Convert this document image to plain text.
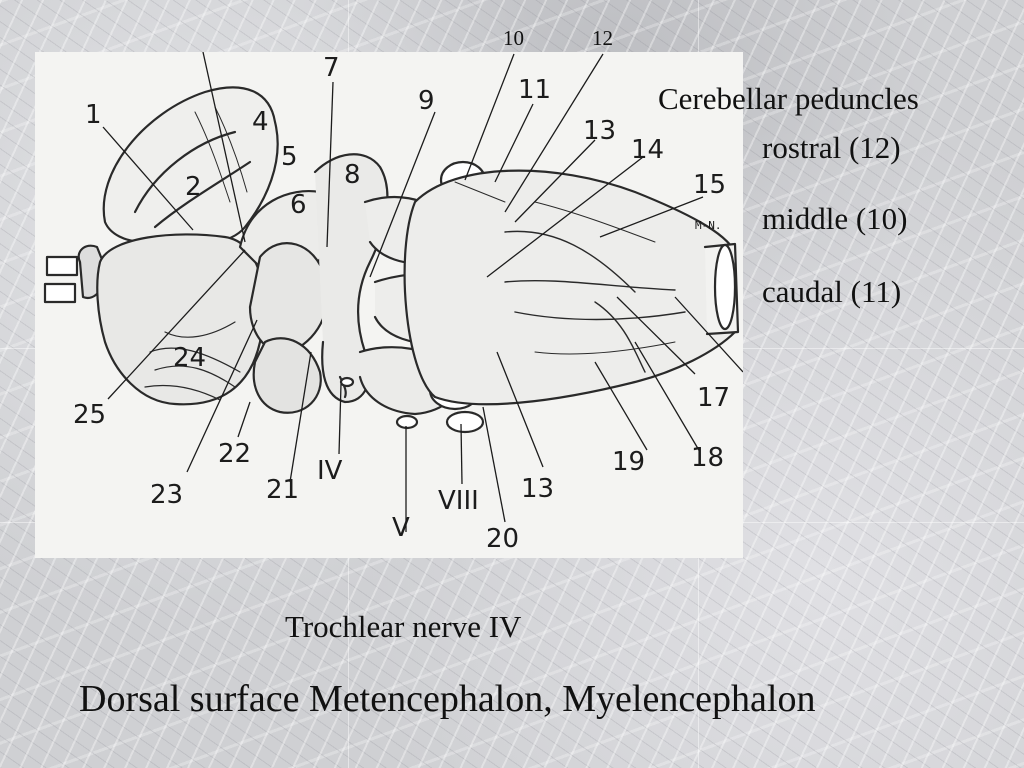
10	12
1
2
4
5
6
7
8
9	11
13
14
15
M-N.
17
18
19
13
20
VIII
V
IV
21
22
23
24
25
Cerebellar peduncles
rostral (12)
middle (10)
caudal (11)
Trochlear nerve IV
Dorsal surface Metencephalon, Myelencephalon
